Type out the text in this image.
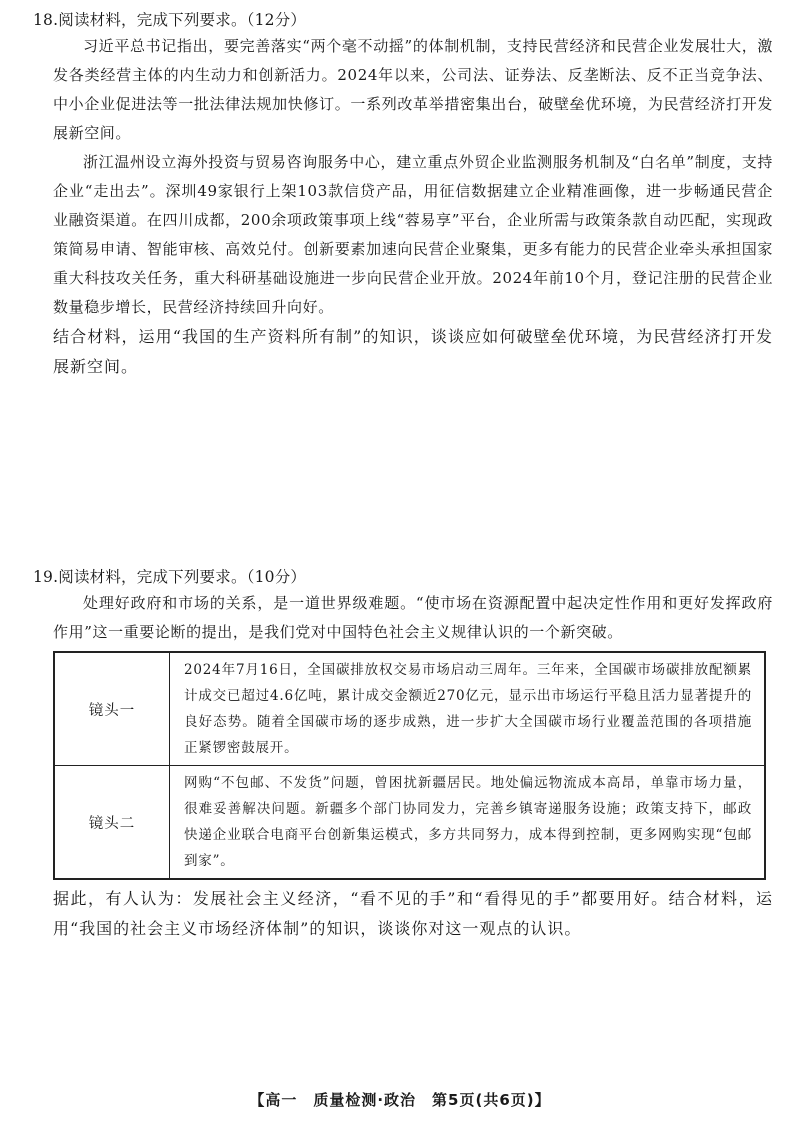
18.阅读材料，完成下列要求。（12分）

习近平总书记指出，要完善落实“两个毫不动摇”的体制机制，支持民营经济和民营企业发展壮大，激发各类经营主体的内生动力和创新活力。2024年以来，公司法、证券法、反垄断法、反不正当竞争法、中小企业促进法等一批法律法规加快修订。一系列改革举措密集出台，破壁垒优环境，为民营经济打开发展新空间。

浙江温州设立海外投资与贸易咨询服务中心，建立重点外贸企业监测服务机制及“白名单”制度，支持企业“走出去”。深圳49家银行上架103款信贷产品，用征信数据建立企业精准画像，进一步畅通民营企业融资渠道。在四川成都，200余项政策事项上线“蓉易享”平台，企业所需与政策条款自动匹配，实现政策简易申请、智能审核、高效兑付。创新要素加速向民营企业聚集，更多有能力的民营企业牵头承担国家重大科技攻关任务，重大科研基础设施进一步向民营企业开放。2024年前10个月，登记注册的民营企业数量稳步增长，民营经济持续回升向好。

结合材料，运用“我国的生产资料所有制”的知识，谈谈应如何破壁垒优环境，为民营经济打开发展新空间。

19.阅读材料，完成下列要求。（10分）

处理好政府和市场的关系，是一道世界级难题。“使市场在资源配置中起决定性作用和更好发挥政府作用”这一重要论断的提出，是我们党对中国特色社会主义规律认识的一个新突破。

镜头一	2024年7月16日，全国碳排放权交易市场启动三周年。三年来，全国碳市场碳排放配额累计成交已超过4.6亿吨，累计成交金额近270亿元，显示出市场运行平稳且活力显著提升的良好态势。随着全国碳市场的逐步成熟，进一步扩大全国碳市场行业覆盖范围的各项措施正紧锣密鼓展开。
镜头二	网购“不包邮、不发货”问题，曾困扰新疆居民。地处偏远物流成本高昂，单靠市场力量，很难妥善解决问题。新疆多个部门协同发力，完善乡镇寄递服务设施；政策支持下，邮政快递企业联合电商平台创新集运模式，多方共同努力，成本得到控制，更多网购实现“包邮到家”。

据此，有人认为：发展社会主义经济，“看不见的手”和“看得见的手”都要用好。结合材料，运用“我国的社会主义市场经济体制”的知识，谈谈你对这一观点的认识。

【高一　质量检测·政治　第5页(共6页)】
